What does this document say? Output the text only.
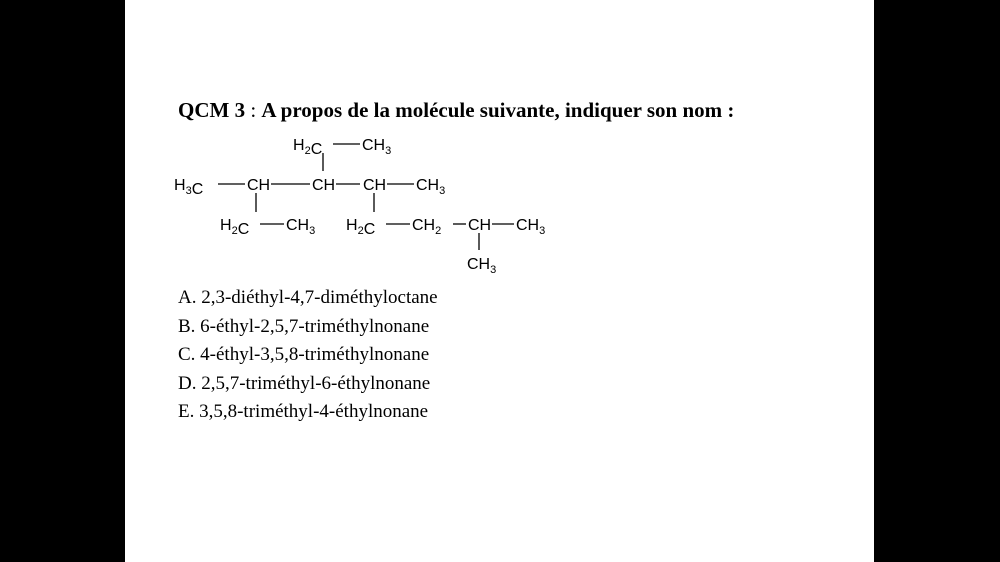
QCM 3 : A propos de la molécule suivante, indiquer son nom :
$H_2C$ $CH_3$
$H_3C$	CH	CH CH $CH_3$
$H_2C$ $CH_3$ $H_2C$ $CH_2$ CH $CH_3$
$CH_3$
A. 2,3-diéthyl-4,7-diméthyloctane
B. 6-éthyl-2,5,7-triméthylnonane
C. 4-éthyl-3,5,8-triméthylnonane
D. 2,5,7-triméthyl-6-éthylnonane
E. 3,5,8-triméthyl-4-éthylnonane
